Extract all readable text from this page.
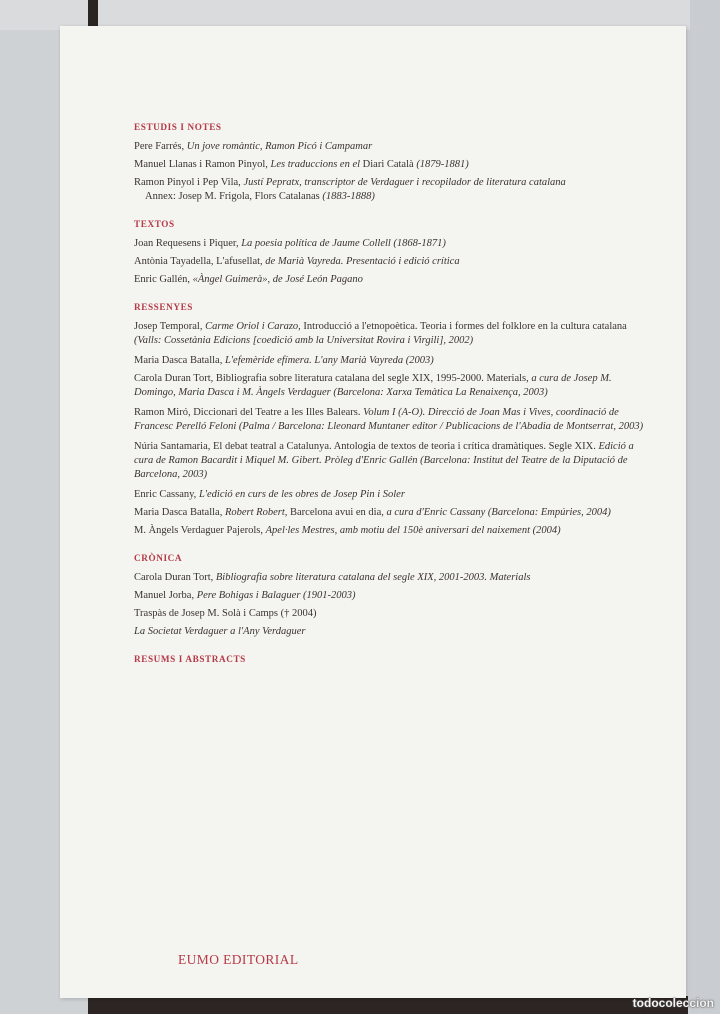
ESTUDIS I NOTES
Pere Farrés, Un jove romàntic, Ramon Picó i Campamar
Manuel Llanas i Ramon Pinyol, Les traduccions en el Diari Català (1879-1881)
Ramon Pinyol i Pep Vila, Justí Pepratx, transcriptor de Verdaguer i recopilador de literatura catalana
Annex: Josep M. Frigola, Flors Catalanas (1883-1888)
TEXTOS
Joan Requesens i Piquer, La poesia política de Jaume Collell (1868-1871)
Antònia Tayadella, L'afusellat, de Marià Vayreda. Presentació i edició crítica
Enric Gallén, «Àngel Guimerà», de José León Pagano
RESSENYES
Josep Temporal, Carme Oriol i Carazo, Introducció a l'etnopoètica. Teoria i formes del folklore en la cultura catalana (Valls: Cossetània Edicions [coedició amb la Universitat Rovira i Virgili], 2002)
Maria Dasca Batalla, L'efemèride efímera. L'any Marià Vayreda (2003)
Carola Duran Tort, Bibliografia sobre literatura catalana del segle XIX, 1995-2000. Materials, a cura de Josep M. Domingo, Maria Dasca i M. Àngels Verdaguer (Barcelona: Xarxa Temàtica La Renaixença, 2003)
Ramon Miró, Diccionari del Teatre a les Illes Balears. Volum I (A-O). Direcció de Joan Mas i Vives, coordinació de Francesc Perelló Feloni (Palma / Barcelona: Lleonard Muntaner editor / Publicacions de l'Abadia de Montserrat, 2003)
Núria Santamaria, El debat teatral a Catalunya. Antologia de textos de teoria i crítica dramàtiques. Segle XIX. Edició a cura de Ramon Bacardit i Miquel M. Gibert. Pròleg d'Enric Gallén (Barcelona: Institut del Teatre de la Diputació de Barcelona, 2003)
Enric Cassany, L'edició en curs de les obres de Josep Pin i Soler
Maria Dasca Batalla, Robert Robert, Barcelona avui en dia, a cura d'Enric Cassany (Barcelona: Empúries, 2004)
M. Àngels Verdaguer Pajerols, Apel·les Mestres, amb motiu del 150è aniversari del naixement (2004)
CRÒNICA
Carola Duran Tort, Bibliografia sobre literatura catalana del segle XIX, 2001-2003. Materials
Manuel Jorba, Pere Bohigas i Balaguer (1901-2003)
Traspàs de Josep M. Solà i Camps († 2004)
La Societat Verdaguer a l'Any Verdaguer
RESUMS I ABSTRACTS
EUMO EDITORIAL
todocoleccion
